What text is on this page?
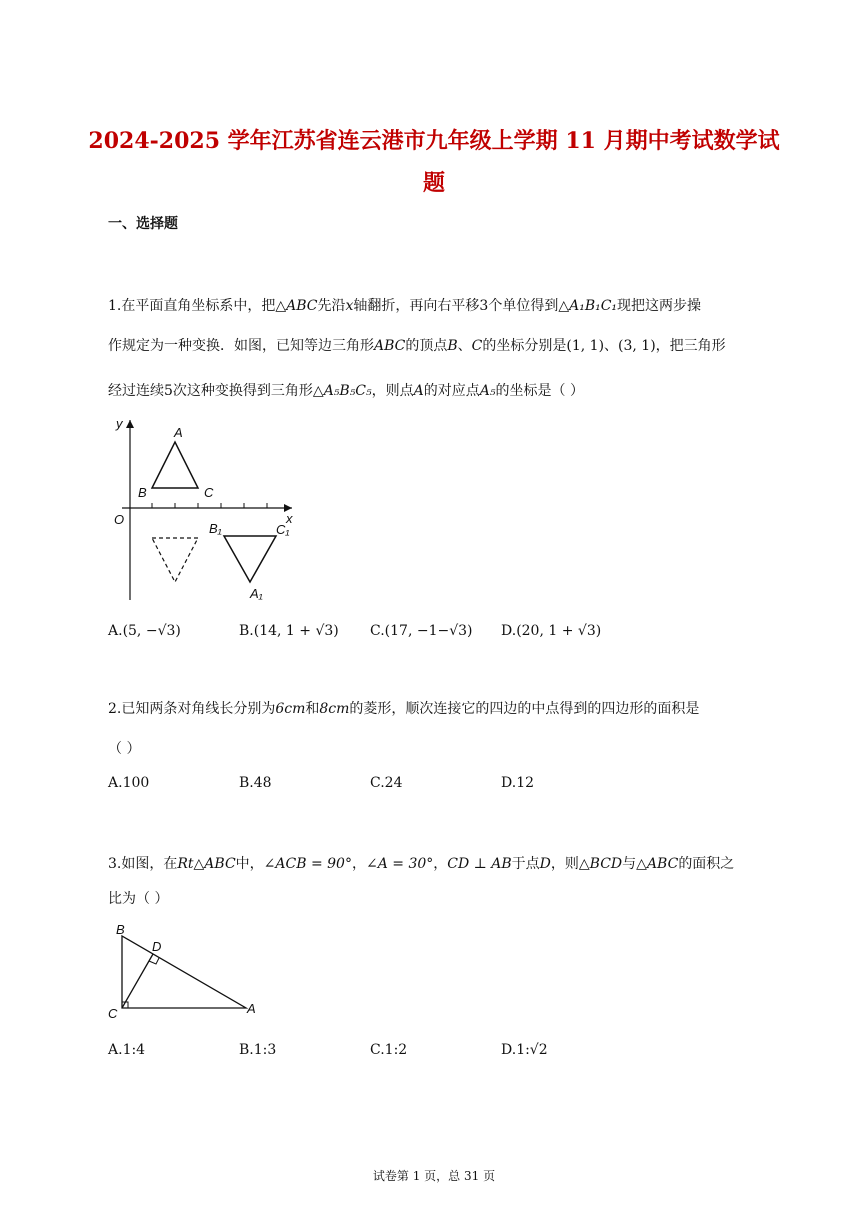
2024-2025 学年江苏省连云港市九年级上学期 11 月期中考试数学试
题
一、选择题
1.在平面直角坐标系中，把△ABC先沿x轴翻折，再向右平移3个单位得到△A₁B₁C₁现把这两步操
作规定为一种变换．如图，已知等边三角形ABC的顶点B、C的坐标分别是(1, 1)、(3, 1)，把三角形
经过连续5次这种变换得到三角形△A₅B₅C₅，则点A的对应点A₅的坐标是（ ）
y
x
O
A
B	C
B₁	C₁
A₁
A.(5, −√3)	B.(14, 1 + √3) C.(17, −1−√3) D.(20, 1 + √3)
2.已知两条对角线长分别为6cm和8cm的菱形，顺次连接它的四边的中点得到的四边形的面积是
（ ）
A.100	B.48	C.24	D.12
3.如图，在Rt△ABC中，∠ACB = 90°，∠A = 30°，CD ⊥ AB于点D，则△BCD与△ABC的面积之
比为（ ）
B
D
C	A
A.1:4	B.1:3	C.1:2	D.1:√2
试卷第 1 页，总 31 页
